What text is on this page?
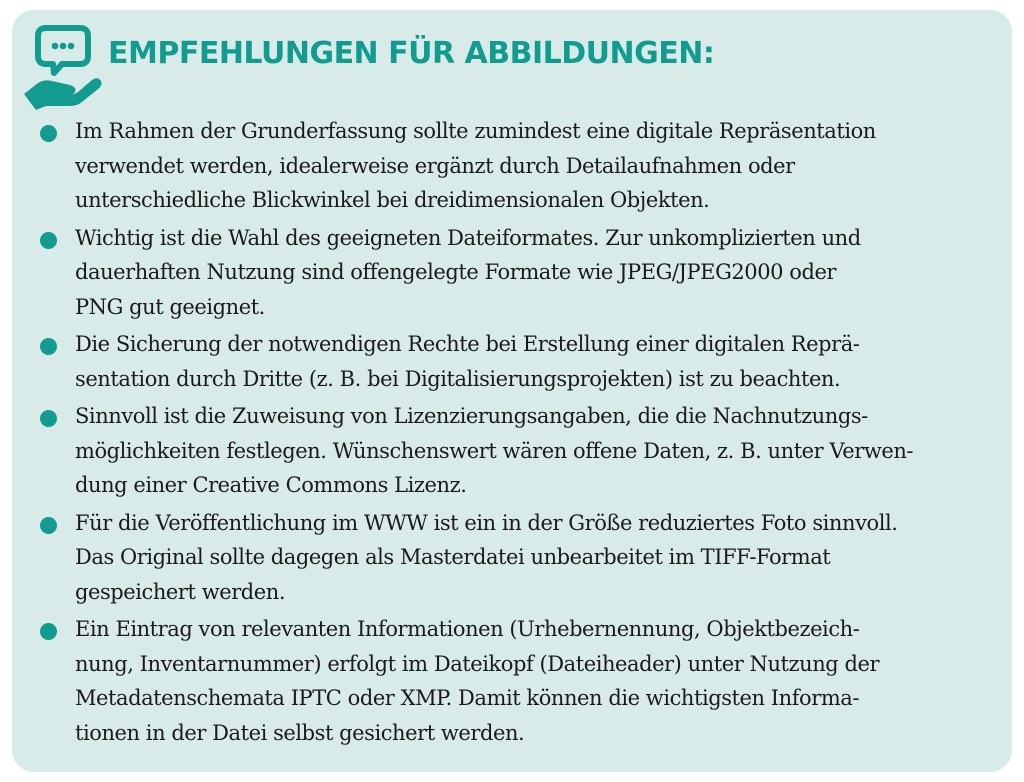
EMPFEHLUNGEN FÜR ABBILDUNGEN:
Im Rahmen der Grunderfassung sollte zumindest eine digitale Repräsentation
verwendet werden, idealerweise ergänzt durch Detailaufnahmen oder
unterschiedliche Blickwinkel bei dreidimensionalen Objekten.
Wichtig ist die Wahl des geeigneten Dateiformates. Zur unkomplizierten und
dauerhaften Nutzung sind offengelegte Formate wie JPEG/JPEG2000 oder
PNG gut geeignet.
Die Sicherung der notwendigen Rechte bei Erstellung einer digitalen Reprä-
sentation durch Dritte (z. B. bei Digitalisierungsprojekten) ist zu beachten.
Sinnvoll ist die Zuweisung von Lizenzierungsangaben, die die Nachnutzungs-
möglichkeiten festlegen. Wünschenswert wären offene Daten, z. B. unter Verwen-
dung einer Creative Commons Lizenz.
Für die Veröffentlichung im WWW ist ein in der Größe reduziertes Foto sinnvoll.
Das Original sollte dagegen als Masterdatei unbearbeitet im TIFF-Format
gespeichert werden.
Ein Eintrag von relevanten Informationen (Urhebernennung, Objektbezeich-
nung, Inventarnummer) erfolgt im Dateikopf (Dateiheader) unter Nutzung der
Metadatenschemata IPTC oder XMP. Damit können die wichtigsten Informa-
tionen in der Datei selbst gesichert werden.
